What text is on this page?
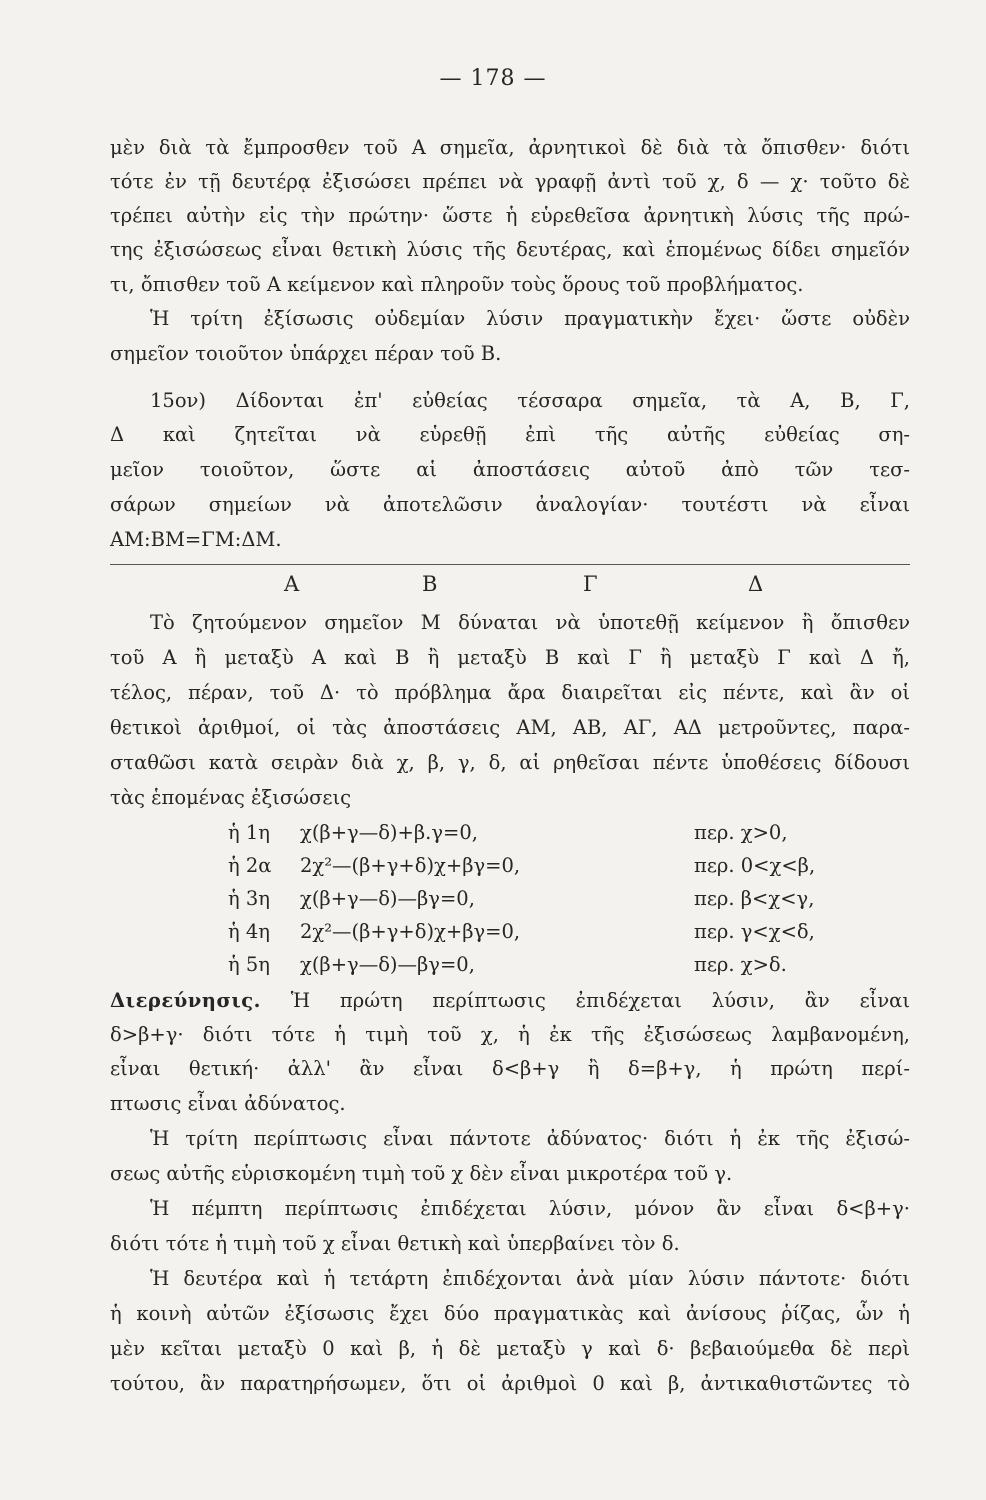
— 178 —
μὲν διὰ τὰ ἔμπροσθεν τοῦ Α σημεῖα, ἀρνητικοὶ δὲ διὰ τὰ ὄπισθεν· διότι
τότε ἐν τῇ δευτέρᾳ ἐξισώσει πρέπει νὰ γραφῇ ἀντὶ τοῦ χ, δ — χ· τοῦτο δὲ
τρέπει αὐτὴν εἰς τὴν πρώτην· ὥστε ἡ εὑρεθεῖσα ἀρνητικὴ λύσις τῆς πρώ-
της ἐξισώσεως εἶναι θετικὴ λύσις τῆς δευτέρας, καὶ ἑπομένως δίδει σημεῖόν
τι, ὄπισθεν τοῦ Α κείμενον καὶ πληροῦν τοὺς ὅρους τοῦ προβλήματος.
Ἡ τρίτη ἐξίσωσις οὐδεμίαν λύσιν πραγματικὴν ἔχει· ὥστε οὐδὲν
σημεῖον τοιοῦτον ὑπάρχει πέραν τοῦ Β.
15ον) Δίδονται ἐπ' εὐθείας τέσσαρα σημεῖα, τὰ Α, Β, Γ,
Δ καὶ ζητεῖται νὰ εὑρεθῇ ἐπὶ τῆς αὐτῆς εὐθείας ση-
μεῖον τοιοῦτον, ὥστε αἱ ἀποστάσεις αὐτοῦ ἀπὸ τῶν τεσ-
σάρων σημείων νὰ ἀποτελῶσιν ἀναλογίαν· τουτέστι νὰ εἶναι
ΑΜ:ΒΜ=ΓΜ:ΔΜ.
Α	Β	Γ	Δ
Τὸ ζητούμενον σημεῖον Μ δύναται νὰ ὑποτεθῇ κείμενον ἢ ὄπισθεν
τοῦ Α ἢ μεταξὺ Α καὶ Β ἢ μεταξὺ Β καὶ Γ ἢ μεταξὺ Γ καὶ Δ ἤ,
τέλος, πέραν, τοῦ Δ· τὸ πρόβλημα ἄρα διαιρεῖται εἰς πέντε, καὶ ἂν οἱ
θετικοὶ ἀριθμοί, οἱ τὰς ἀποστάσεις ΑΜ, ΑΒ, ΑΓ, ΑΔ μετροῦντες, παρα-
σταθῶσι κατὰ σειρὰν διὰ χ, β, γ, δ, αἱ ρηθεῖσαι πέντε ὑποθέσεις δίδουσι
τὰς ἑπομένας ἐξισώσεις
ἡ 1η χ(β+γ—δ)+β.γ=0,	περ. χ>0,
ἡ 2α 2χ²—(β+γ+δ)χ+βγ=0,	περ. 0<χ<β,
ἡ 3η χ(β+γ—δ)—βγ=0,	περ. β<χ<γ,
ἡ 4η 2χ²—(β+γ+δ)χ+βγ=0,	περ. γ<χ<δ,
ἡ 5η χ(β+γ—δ)—βγ=0,	περ. χ>δ.
Διερεύνησις. Ἡ πρώτη περίπτωσις ἐπιδέχεται λύσιν, ἂν εἶναι
δ>β+γ· διότι τότε ἡ τιμὴ τοῦ χ, ἡ ἐκ τῆς ἐξισώσεως λαμβανομένη,
εἶναι θετική· ἀλλ' ἂν εἶναι δ<β+γ ἢ δ=β+γ, ἡ πρώτη περί-
πτωσις εἶναι ἀδύνατος.
Ἡ τρίτη περίπτωσις εἶναι πάντοτε ἀδύνατος· διότι ἡ ἐκ τῆς ἐξισώ-
σεως αὐτῆς εὑρισκομένη τιμὴ τοῦ χ δὲν εἶναι μικροτέρα τοῦ γ.
Ἡ πέμπτη περίπτωσις ἐπιδέχεται λύσιν, μόνον ἂν εἶναι δ<β+γ·
διότι τότε ἡ τιμὴ τοῦ χ εἶναι θετικὴ καὶ ὑπερβαίνει τὸν δ.
Ἡ δευτέρα καὶ ἡ τετάρτη ἐπιδέχονται ἀνὰ μίαν λύσιν πάντοτε· διότι
ἡ κοινὴ αὐτῶν ἐξίσωσις ἔχει δύο πραγματικὰς καὶ ἀνίσους ῥίζας, ὧν ἡ
μὲν κεῖται μεταξὺ 0 καὶ β, ἡ δὲ μεταξὺ γ καὶ δ· βεβαιούμεθα δὲ περὶ
τούτου, ἂν παρατηρήσωμεν, ὅτι οἱ ἀριθμοὶ 0 καὶ β, ἀντικαθιστῶντες τὸ
